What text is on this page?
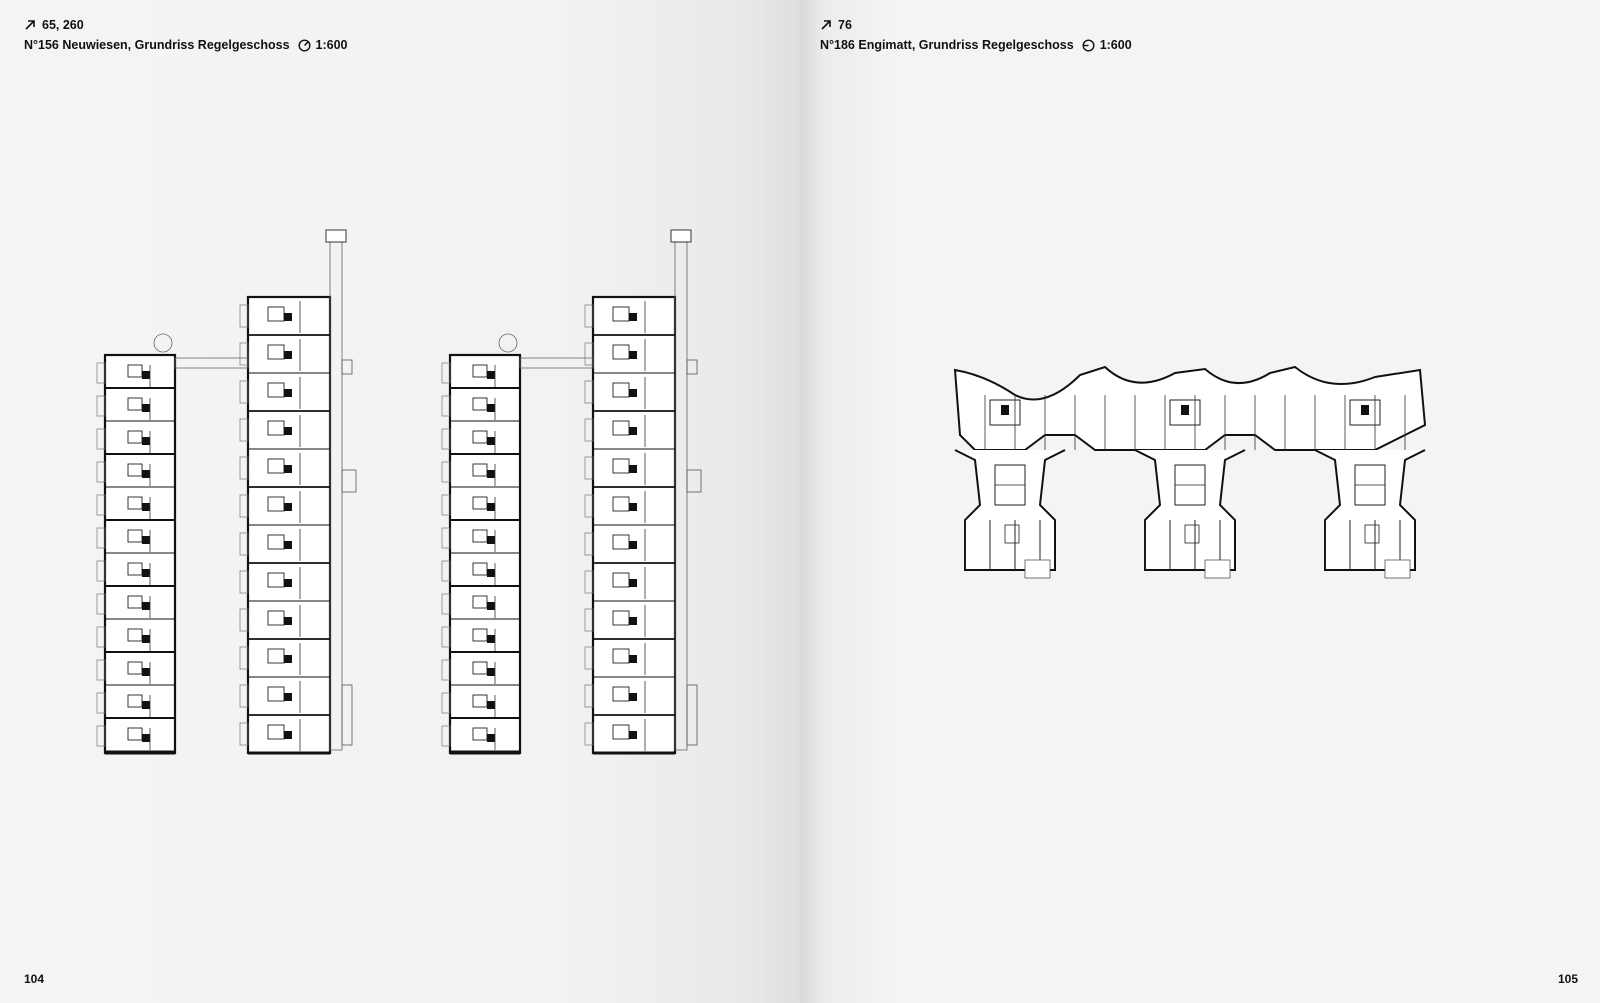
65, 260
N°156 Neuwiesen, Grundriss Regelgeschoss 1:600
104
76
N°186 Engimatt, Grundriss Regelgeschoss 1:600
105
